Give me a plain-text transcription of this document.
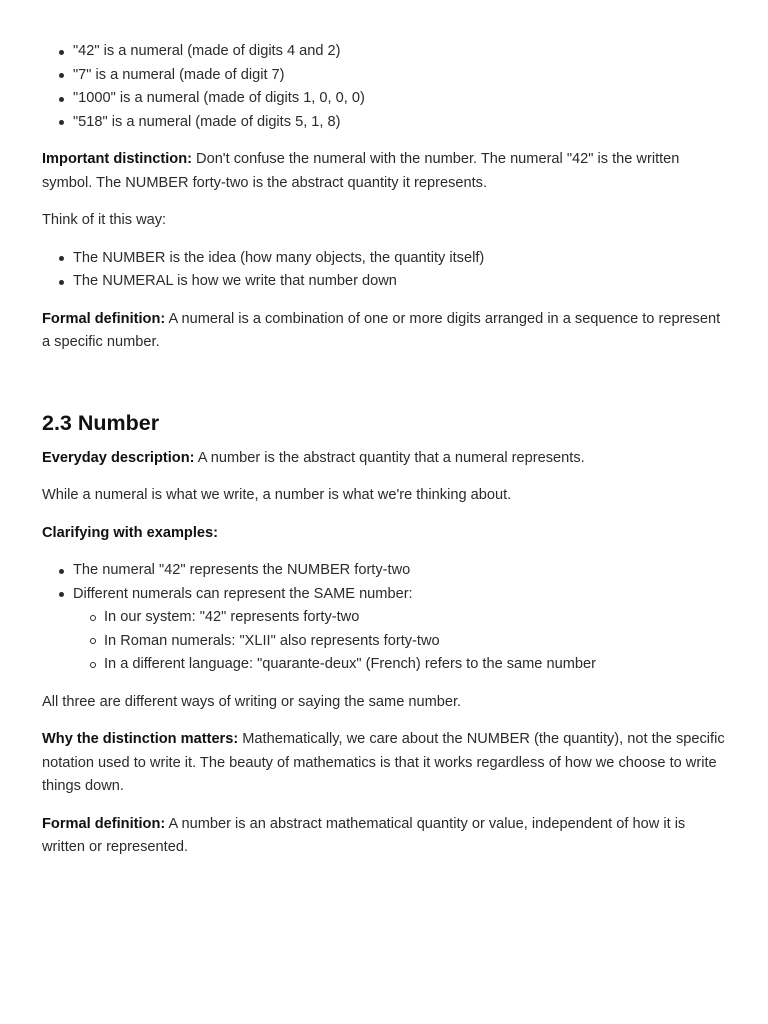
"42" is a numeral (made of digits 4 and 2)
"7" is a numeral (made of digit 7)
"1000" is a numeral (made of digits 1, 0, 0, 0)
"518" is a numeral (made of digits 5, 1, 8)

Important distinction: Don't confuse the numeral with the number. The numeral "42" is the written symbol. The NUMBER forty-two is the abstract quantity it represents.

Think of it this way:

The NUMBER is the idea (how many objects, the quantity itself)
The NUMERAL is how we write that number down

Formal definition: A numeral is a combination of one or more digits arranged in a sequence to represent a specific number.

2.3 Number

Everyday description: A number is the abstract quantity that a numeral represents.

While a numeral is what we write, a number is what we're thinking about.

Clarifying with examples:

The numeral "42" represents the NUMBER forty-two
Different numerals can represent the SAME number:
In our system: "42" represents forty-two
In Roman numerals: "XLII" also represents forty-two
In a different language: "quarante-deux" (French) refers to the same number

All three are different ways of writing or saying the same number.

Why the distinction matters: Mathematically, we care about the NUMBER (the quantity), not the specific notation used to write it. The beauty of mathematics is that it works regardless of how we choose to write things down.

Formal definition: A number is an abstract mathematical quantity or value, independent of how it is written or represented.
